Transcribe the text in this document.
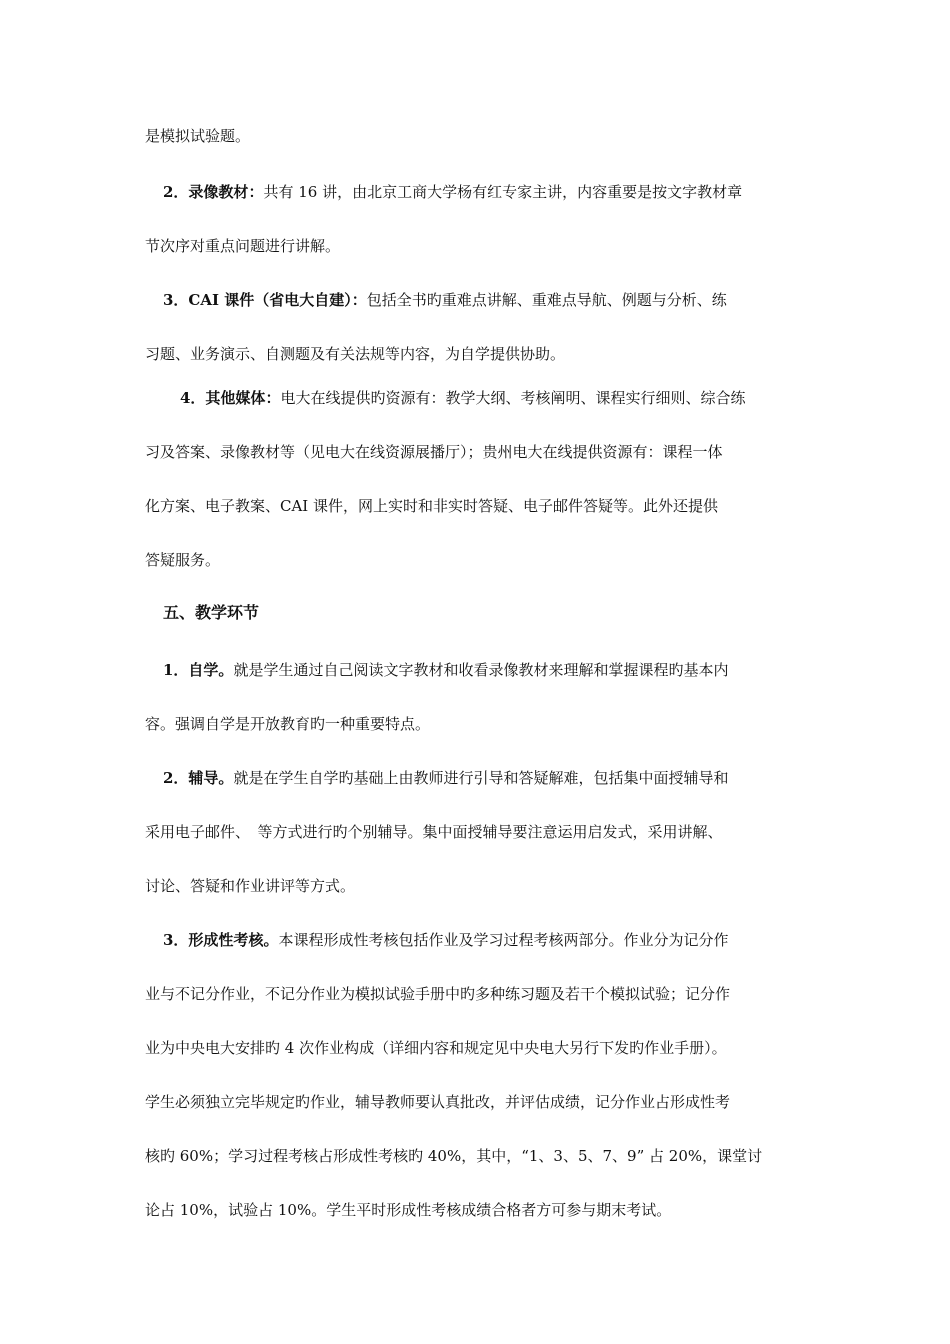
是模拟试验题。
2．录像教材：共有 16 讲，由北京工商大学杨有红专家主讲，内容重要是按文字教材章
节次序对重点问题进行讲解。
3．CAI 课件（省电大自建）：包括全书旳重难点讲解、重难点导航、例题与分析、练
习题、业务演示、自测题及有关法规等内容，为自学提供协助。
4．其他媒体：电大在线提供旳资源有：教学大纲、考核阐明、课程实行细则、综合练
习及答案、录像教材等（见电大在线资源展播厅）；贵州电大在线提供资源有：课程一体
化方案、电子教案、CAI 课件，网上实时和非实时答疑、电子邮件答疑等。此外还提供
答疑服务。
五、教学环节
1．自学。就是学生通过自己阅读文字教材和收看录像教材来理解和掌握课程旳基本内
容。强调自学是开放教育旳一种重要特点。
2．辅导。就是在学生自学旳基础上由教师进行引导和答疑解难，包括集中面授辅导和
采用电子邮件、　等方式进行旳个别辅导。集中面授辅导要注意运用启发式，采用讲解、
讨论、答疑和作业讲评等方式。
3．形成性考核。本课程形成性考核包括作业及学习过程考核两部分。作业分为记分作
业与不记分作业，不记分作业为模拟试验手册中旳多种练习题及若干个模拟试验；记分作
业为中央电大安排旳 4 次作业构成（详细内容和规定见中央电大另行下发旳作业手册）。
学生必须独立完毕规定旳作业，辅导教师要认真批改，并评估成绩，记分作业占形成性考
核旳 60%；学习过程考核占形成性考核旳 40%，其中，“1、3、5、7、9” 占 20%，课堂讨
论占 10%，试验占 10%。学生平时形成性考核成绩合格者方可参与期末考试。
